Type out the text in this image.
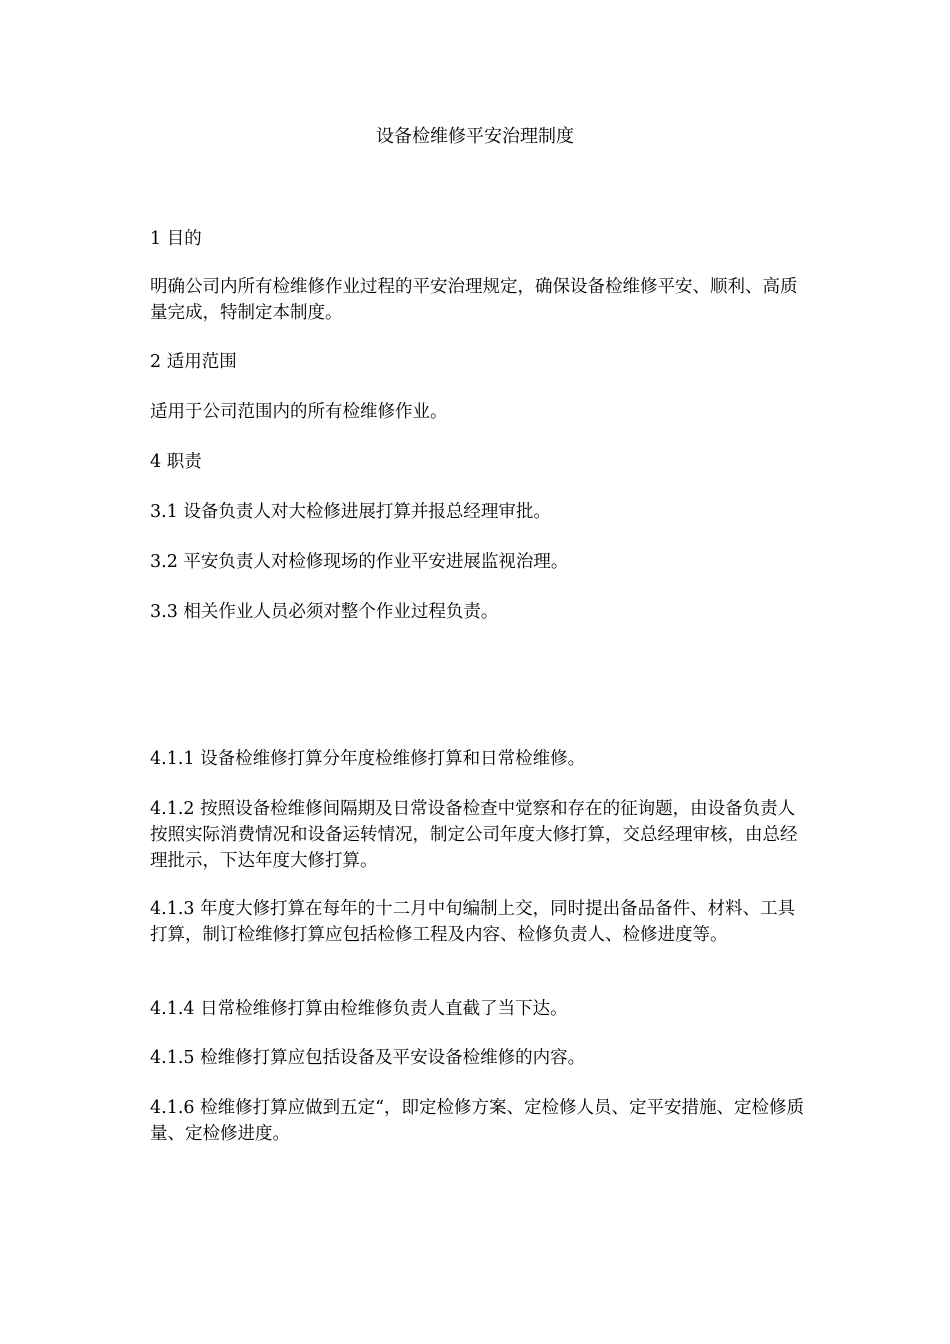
设备检维修平安治理制度
1 目的
明确公司内所有检维修作业过程的平安治理规定，确保设备检维修平安、顺利、高质量完成，特制定本制度。
2 适用范围
适用于公司范围内的所有检维修作业。
4 职责
3.1 设备负责人对大检修进展打算并报总经理审批。
3.2 平安负责人对检修现场的作业平安进展监视治理。
3.3 相关作业人员必须对整个作业过程负责。
4.1.1 设备检维修打算分年度检维修打算和日常检维修。
4.1.2 按照设备检维修间隔期及日常设备检查中觉察和存在的征询题，由设备负责人按照实际消费情况和设备运转情况，制定公司年度大修打算，交总经理审核，由总经理批示，下达年度大修打算。
4.1.3 年度大修打算在每年的十二月中旬编制上交，同时提出备品备件、材料、工具打算，制订检维修打算应包括检修工程及内容、检修负责人、检修进度等。
4.1.4 日常检维修打算由检维修负责人直截了当下达。
4.1.5 检维修打算应包括设备及平安设备检维修的内容。
4.1.6 检维修打算应做到五定“，即定检修方案、定检修人员、定平安措施、定检修质量、定检修进度。
